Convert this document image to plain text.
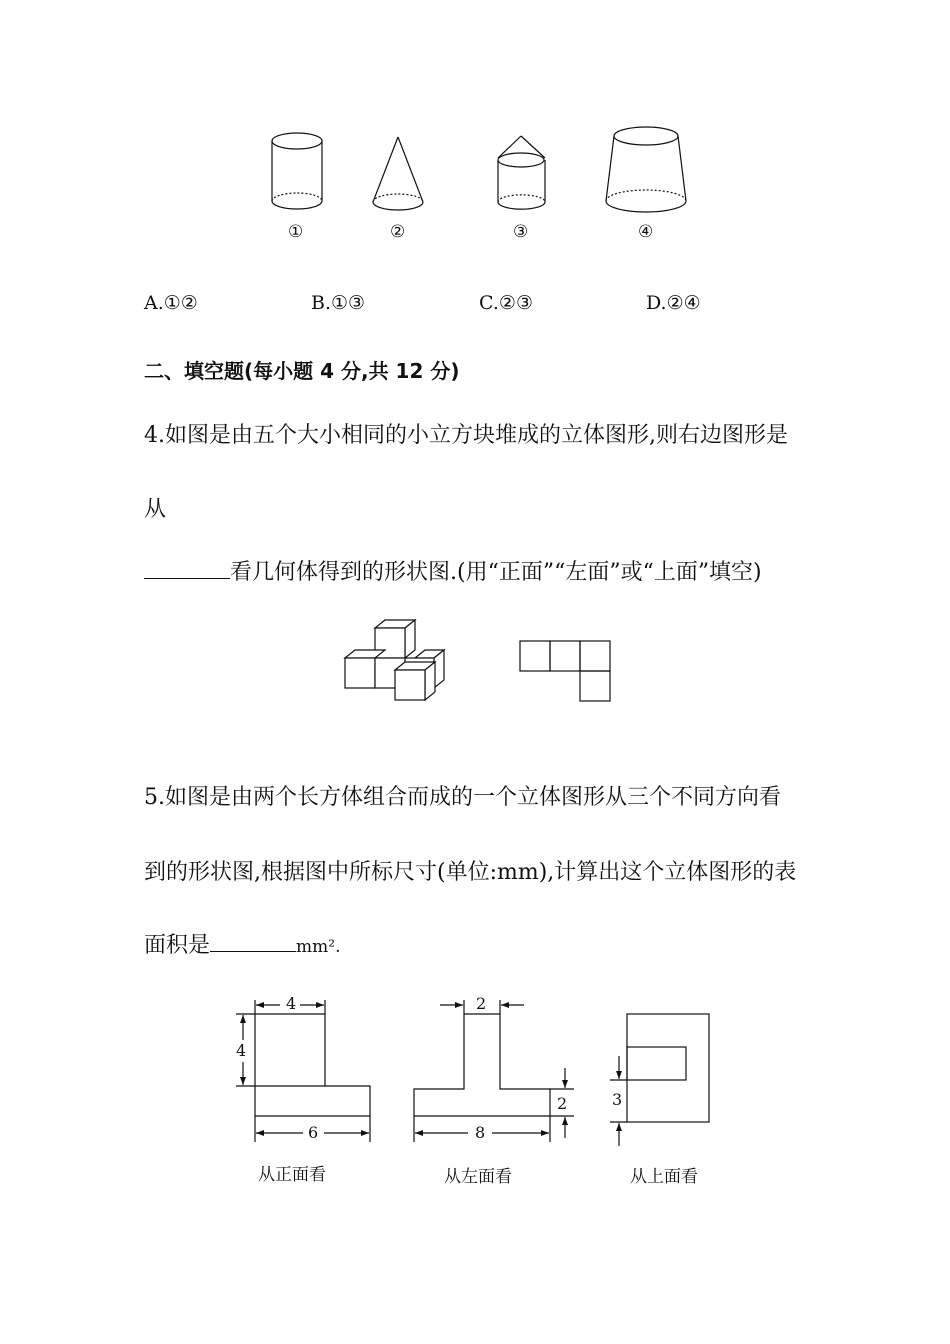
①	②	③	④
A.①②	B.①③	C.②③	D.②④
二、填空题(每小题 4 分,共 12 分)
4.如图是由五个大小相同的小立方块堆成的立体图形,则右边图形是
从
看几何体得到的形状图.(用“正面”“左面”或“上面”填空)
5.如图是由两个长方体组合而成的一个立体图形从三个不同方向看
到的形状图,根据图中所标尺寸(单位:mm),计算出这个立体图形的表
面积是	mm².
4
4
6
2
2
8
3
从正面看	从左面看	从上面看
